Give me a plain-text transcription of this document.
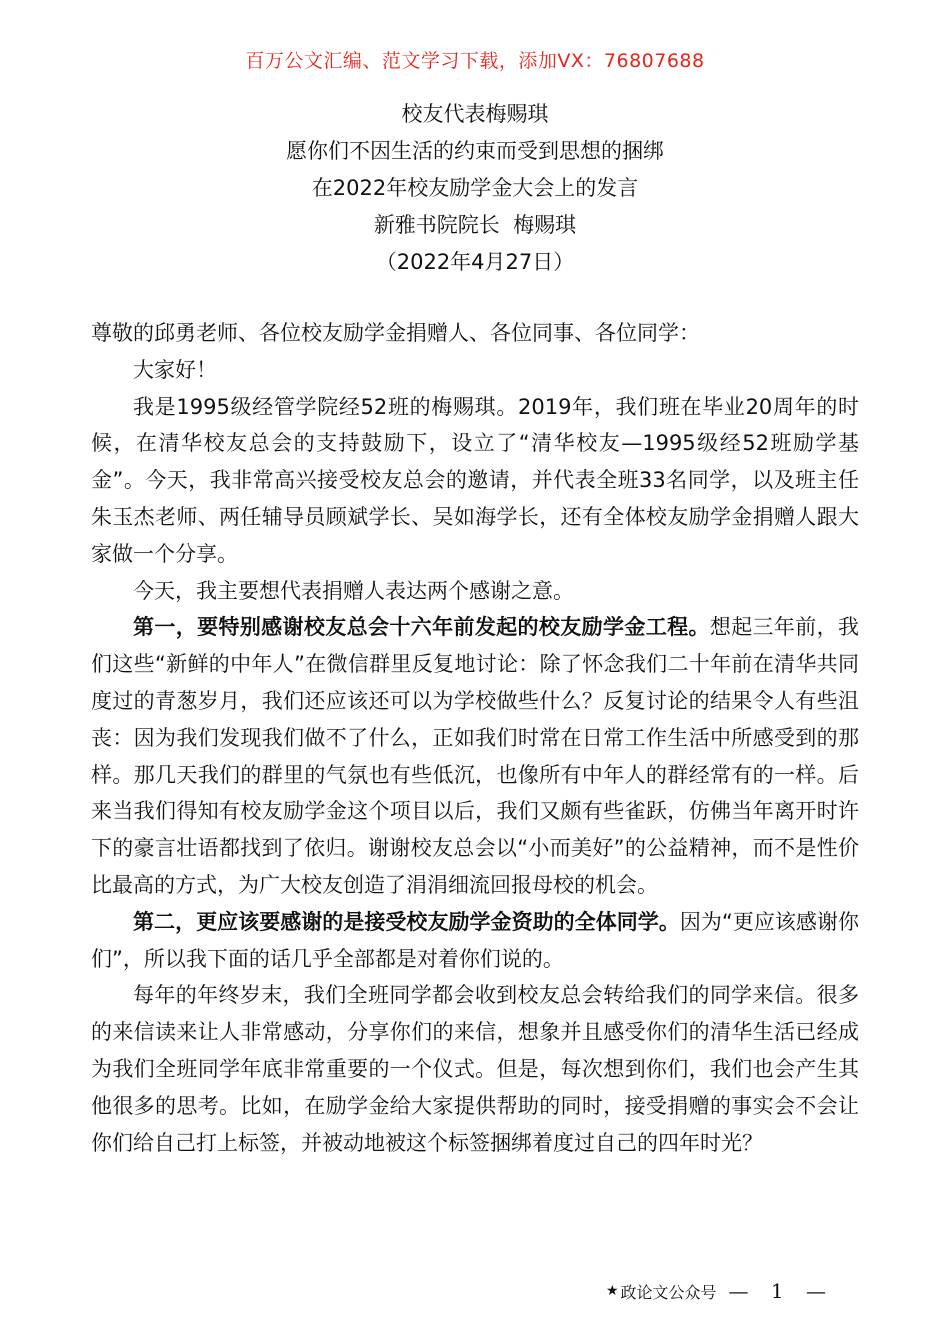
百万公文汇编、范文学习下载，添加VX：76807688
校友代表梅赐琪
愿你们不因生活的约束而受到思想的捆绑
在2022年校友励学金大会上的发言
新雅书院院长  梅赐琪
（2022年4月27日）

尊敬的邱勇老师、各位校友励学金捐赠人、各位同事、各位同学：

大家好！

我是1995级经管学院经52班的梅赐琪。2019年，我们班在毕业20周年的时候，在清华校友总会的支持鼓励下，设立了“清华校友—1995级经52班励学基金”。今天，我非常高兴接受校友总会的邀请，并代表全班33名同学，以及班主任朱玉杰老师、两任辅导员顾斌学长、吴如海学长，还有全体校友励学金捐赠人跟大家做一个分享。

今天，我主要想代表捐赠人表达两个感谢之意。

第一，要特别感谢校友总会十六年前发起的校友励学金工程。想起三年前，我们这些“新鲜的中年人”在微信群里反复地讨论：除了怀念我们二十年前在清华共同度过的青葱岁月，我们还应该还可以为学校做些什么？反复讨论的结果令人有些沮丧：因为我们发现我们做不了什么，正如我们时常在日常工作生活中所感受到的那样。那几天我们的群里的气氛也有些低沉，也像所有中年人的群经常有的一样。后来当我们得知有校友励学金这个项目以后，我们又颇有些雀跃，仿佛当年离开时许下的豪言壮语都找到了依归。谢谢校友总会以“小而美好”的公益精神，而不是性价比最高的方式，为广大校友创造了涓涓细流回报母校的机会。

第二，更应该要感谢的是接受校友励学金资助的全体同学。因为“更应该感谢你们”，所以我下面的话几乎全部都是对着你们说的。

每年的年终岁末，我们全班同学都会收到校友总会转给我们的同学来信。很多的来信读来让人非常感动，分享你们的来信，想象并且感受你们的清华生活已经成为我们全班同学年底非常重要的一个仪式。但是，每次想到你们，我们也会产生其他很多的思考。比如，在励学金给大家提供帮助的同时，接受捐赠的事实会不会让你们给自己打上标签，并被动地被这个标签捆绑着度过自己的四年时光？

★ 政论文公众号 — 1 —
